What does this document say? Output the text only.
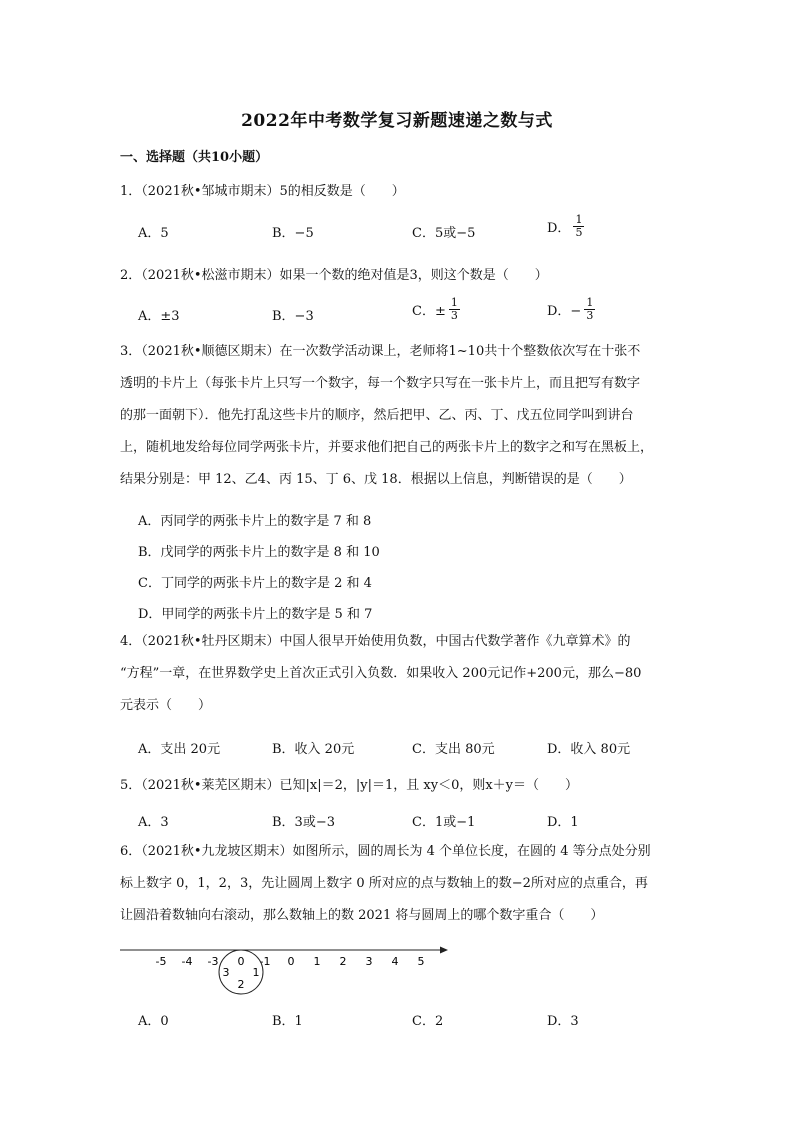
2022年中考数学复习新题速递之数与式
一、选择题（共10小题）
1．（2021秋•邹城市期末）5的相反数是（　　）
A．5	B．−5	C．5或−5	D． $\frac{1}{5}$
2．（2021秋•松滋市期末）如果一个数的绝对值是3，则这个数是（　　）
A．±3	B．−3	C．± $\frac{1}{3}$	D．− $\frac{1}{3}$
3．（2021秋•顺德区期末）在一次数学活动课上，老师将1~10共十个整数依次写在十张不
透明的卡片上（每张卡片上只写一个数字，每一个数字只写在一张卡片上，而且把写有数字
的那一面朝下）．他先打乱这些卡片的顺序，然后把甲、乙、丙、丁、戊五位同学叫到讲台
上，随机地发给每位同学两张卡片，并要求他们把自己的两张卡片上的数字之和写在黑板上，
结果分别是：甲 12、乙4、丙 15、丁 6、戊 18．根据以上信息，判断错误的是（　　）
A．丙同学的两张卡片上的数字是 7 和 8
B．戊同学的两张卡片上的数字是 8 和 10
C．丁同学的两张卡片上的数字是 2 和 4
D．甲同学的两张卡片上的数字是 5 和 7
4．（2021秋•牡丹区期末）中国人很早开始使用负数，中国古代数学著作《九章算术》的
“方程”一章，在世界数学史上首次正式引入负数．如果收入 200元记作+200元，那么−80
元表示（　　）
A．支出 20元	B．收入 20元	C．支出 80元	D．收入 80元
5．（2021秋•莱芜区期末）已知|x|＝2，|y|＝1，且 xy＜0，则x＋y＝（　　）
A．3	B．3或−3	C．1或−1	D．1
6．（2021秋•九龙坡区期末）如图所示，圆的周长为 4 个单位长度，在圆的 4 等分点处分别
标上数字 0，1，2，3，先让圆周上数字 0 所对应的点与数轴上的数−2所对应的点重合，再
让圆沿着数轴向右滚动，那么数轴上的数 2021 将与圆周上的哪个数字重合（　　）
-5 -4 -3	-1 0 1 2 3 4 5
0
1
2
3
A．0	B．1	C．2	D．3
